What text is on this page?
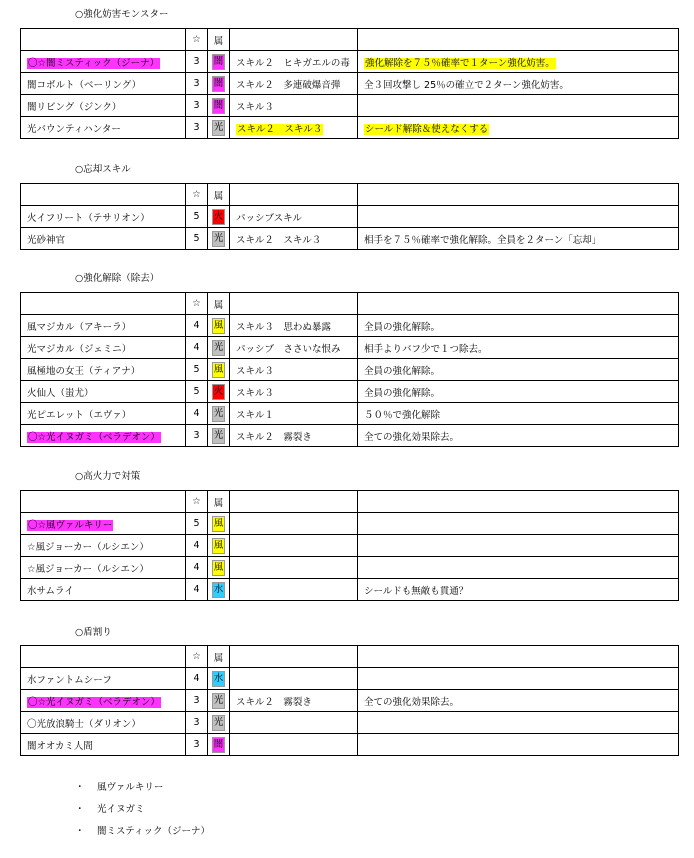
○強化妨害モンスター
	☆	属		
〇☆闇ミスティック（ジーナ）	3	闇	スキル２　ヒキガエルの毒	強化解除を７５％確率で１ターン強化妨害。
闇コボルト（ベーリング）	3	闇	スキル２　多連破爆音弾	全３回攻撃し 25％の確立で２ターン強化妨害。
闇リビング（ジンク）	3	闇	スキル３	
光バウンティハンター	3	光	スキル２　スキル３	シールド解除＆使えなくする
○忘却スキル
	☆	属		
火イフリート（テサリオン）	5	火	パッシブスキル	
光砂神官	5	光	スキル２　スキル３	相手を７５％確率で強化解除。全員を２ターン「忘却」
○強化解除（除去）
	☆	属		
風マジカル（アキーラ）	4	風	スキル３　思わぬ暴露	全員の強化解除。
光マジカル（ジェミニ）	4	光	パッシブ　ささいな恨み	相手よりバフ少で１つ除去。
風極地の女王（ティアナ）	5	風	スキル３	全員の強化解除。
火仙人（蚩尤）	5	火	スキル３	全員の強化解除。
光ピエレット（エヴァ）	4	光	スキル１	５０％で強化解除
〇☆光イヌガミ（ベラデオン）	3	光	スキル２　霧裂き	全ての強化効果除去。
○高火力で対策
	☆	属		
〇☆風ヴァルキリー	5	風		
☆風ジョーカー（ルシエン）	4	風		
☆風ジョーカー（ルシエン）	4	風		
水サムライ	4	水		シールドも無敵も貫通？
○盾割り
	☆	属		
水ファントムシーフ	4	水		
〇☆光イヌガミ（ベラデオン）	3	光	スキル２　霧裂き	全ての強化効果除去。
〇光放浪騎士（ダリオン）	3	光		
闇オオカミ人間	3	闇		
・ 風ヴァルキリー
・ 光イヌガミ
・ 闇ミスティック（ジーナ）
